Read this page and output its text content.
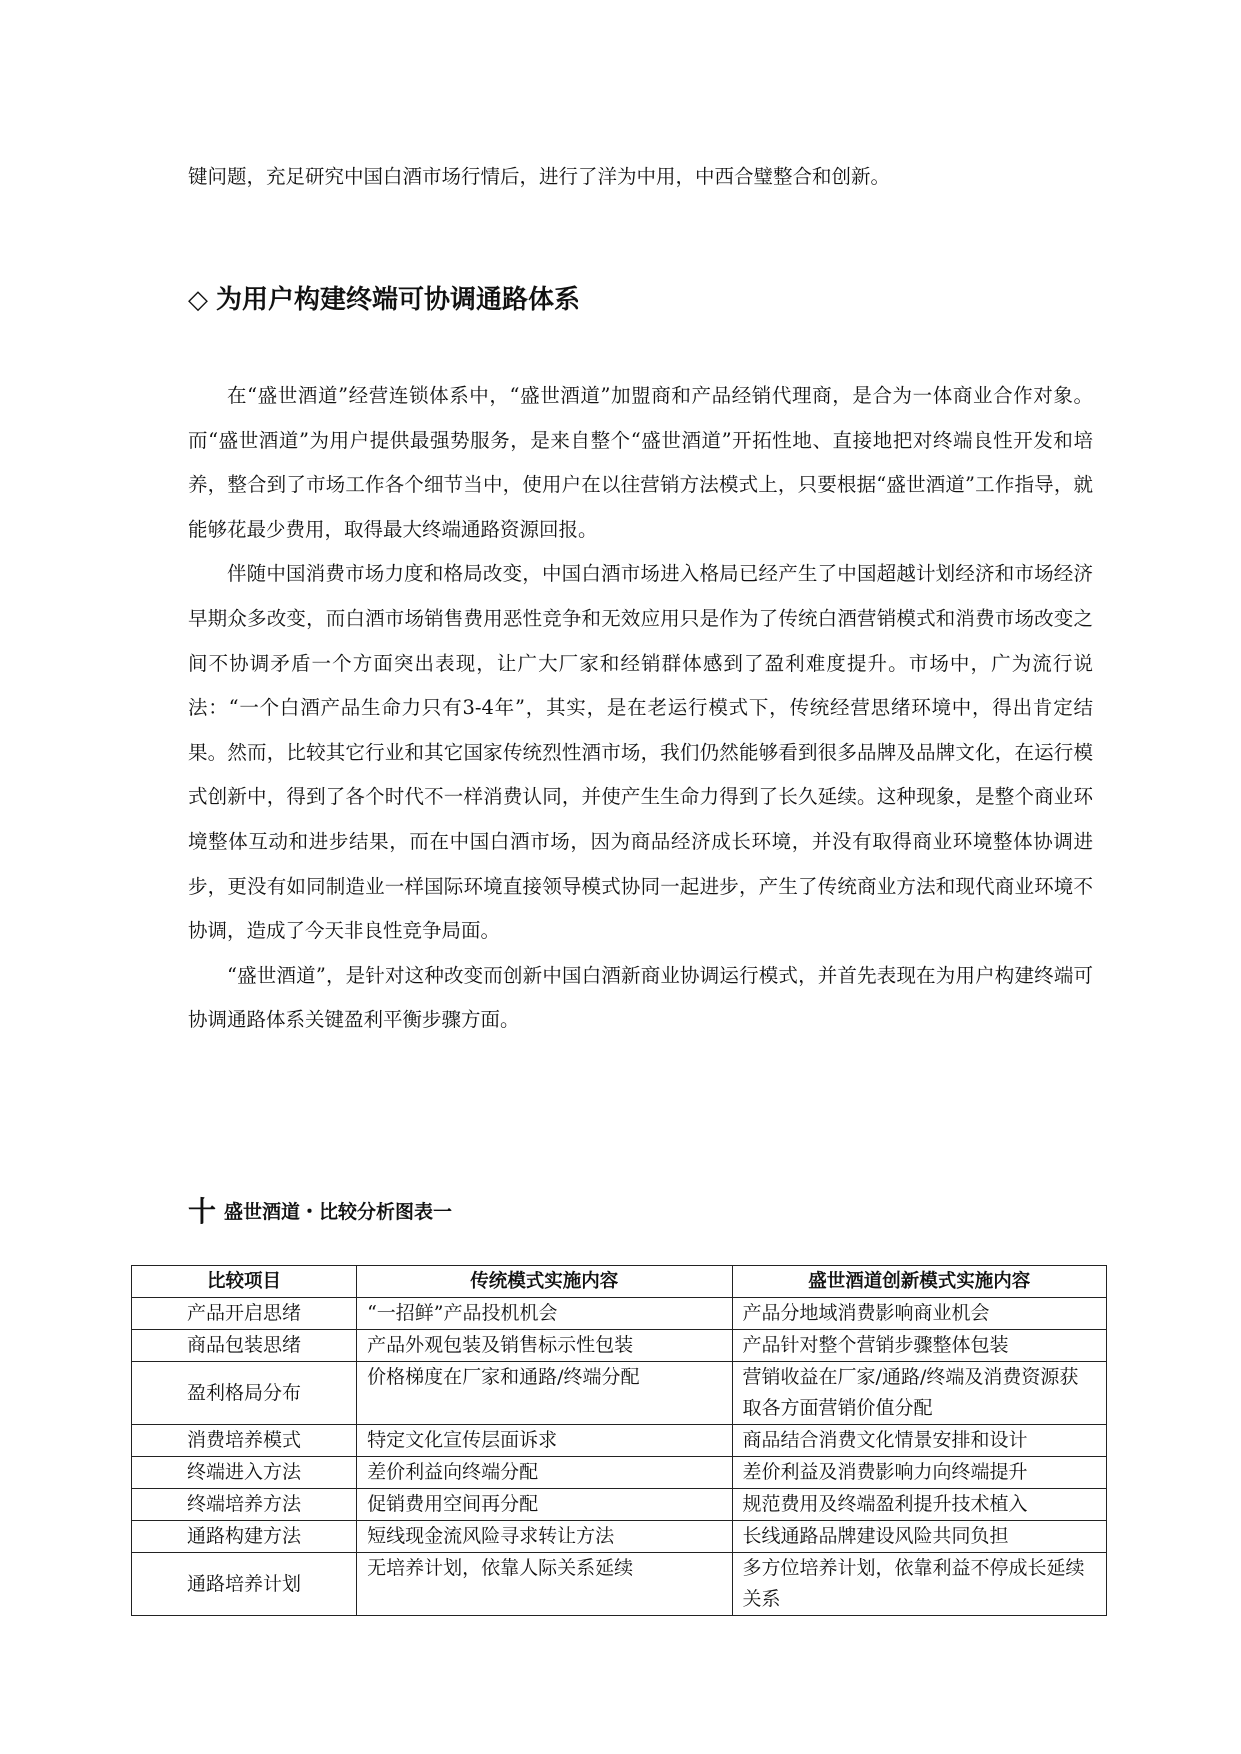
键问题，充足研究中国白酒市场行情后，进行了洋为中用，中西合璧整合和创新。

◇ 为用户构建终端可协调通路体系

在“盛世酒道”经营连锁体系中，“盛世酒道”加盟商和产品经销代理商，是合为一体商业合作对象。而“盛世酒道”为用户提供最强势服务，是来自整个“盛世酒道”开拓性地、直接地把对终端良性开发和培养，整合到了市场工作各个细节当中，使用户在以往营销方法模式上，只要根据“盛世酒道”工作指导，就能够花最少费用，取得最大终端通路资源回报。

伴随中国消费市场力度和格局改变，中国白酒市场进入格局已经产生了中国超越计划经济和市场经济早期众多改变，而白酒市场销售费用恶性竞争和无效应用只是作为了传统白酒营销模式和消费市场改变之间不协调矛盾一个方面突出表现，让广大厂家和经销群体感到了盈利难度提升。市场中，广为流行说法：“一个白酒产品生命力只有3-4年”，其实，是在老运行模式下，传统经营思绪环境中，得出肯定结果。然而，比较其它行业和其它国家传统烈性酒市场，我们仍然能够看到很多品牌及品牌文化，在运行模式创新中，得到了各个时代不一样消费认同，并使产生生命力得到了长久延续。这种现象，是整个商业环境整体互动和进步结果，而在中国白酒市场，因为商品经济成长环境，并没有取得商业环境整体协调进步，更没有如同制造业一样国际环境直接领导模式协同一起进步，产生了传统商业方法和现代商业环境不协调，造成了今天非良性竞争局面。

“盛世酒道”，是针对这种改变而创新中国白酒新商业协调运行模式，并首先表现在为用户构建终端可协调通路体系关键盈利平衡步骤方面。

十 盛世酒道・比较分析图表一
比较项目	传统模式实施内容	盛世酒道创新模式实施内容
产品开启思绪	“一招鲜”产品投机机会	产品分地域消费影响商业机会
商品包装思绪	产品外观包装及销售标示性包装	产品针对整个营销步骤整体包装
盈利格局分布	价格梯度在厂家和通路/终端分配	营销收益在厂家/通路/终端及消费资源获取各方面营销价值分配
消费培养模式	特定文化宣传层面诉求	商品结合消费文化情景安排和设计
终端进入方法	差价利益向终端分配	差价利益及消费影响力向终端提升
终端培养方法	促销费用空间再分配	规范费用及终端盈利提升技术植入
通路构建方法	短线现金流风险寻求转让方法	长线通路品牌建设风险共同负担
通路培养计划	无培养计划，依靠人际关系延续	多方位培养计划，依靠利益不停成长延续关系
